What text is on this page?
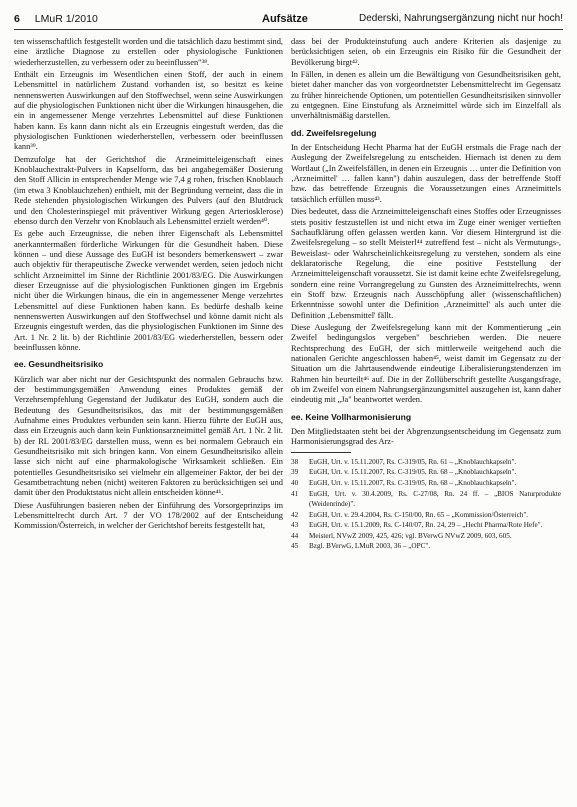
6 LMuR 1/2010	Aufsätze	Dederski, Nahrungsergänzung nicht nur hoch!

ten wissenschaftlich festgestellt worden und die tatsächlich dazu bestimmt sind, eine ärztliche Diagnose zu erstellen oder physiologische Funktionen wiederherzustellen, zu verbessern oder zu beeinflussen"³⁸.

Enthält ein Erzeugnis im Wesentlichen einen Stoff, der auch in einem Lebensmittel in natürlichem Zustand vorhanden ist, so besitzt es keine nennenswerten Auswirkungen auf den Stoffwechsel, wenn seine Auswirkungen auf die physiologischen Funktionen nicht über die Wirkungen hinausgehen, die ein in angemessener Menge verzehrtes Lebensmittel auf diese Funktionen haben kann. Es kann dann nicht als ein Erzeugnis eingestuft werden, das die physiologischen Funktionen wiederherstellen, verbessern oder beeinflussen kann³⁹.

Demzufolge hat der Gerichtshof die Arzneimitteleigenschaft eines Knoblauchextrakt-Pulvers in Kapselform, das bei angabegemäßer Dosierung den Stoff Allicin in entsprechender Menge wie 7,4 g rohen, frischen Knoblauch (im etwa 3 Knoblauchzehen) enthielt, mit der Begründung verneint, dass die in Rede stehenden physiologischen Wirkungen des Pulvers (auf den Blutdruck und den Cholesterinspiegel mit präventiver Wirkung gegen Arteriosklerose) ebenso durch den Verzehr von Knoblauch als Lebensmittel erzielt werden⁴⁰.

Es gebe auch Erzeugnisse, die neben ihrer Eigenschaft als Lebensmittel anerkanntermaßen förderliche Wirkungen für die Gesundheit haben. Diese können – und diese Aussage des EuGH ist besonders bemerkenswert – zwar auch objektiv für therapeutische Zwecke verwendet werden, seien jedoch nicht schlicht Arzneimittel im Sinne der Richtlinie 2001/83/EG. Die Auswirkungen dieser Erzeugnisse auf die physiologischen Funktionen gingen im Ergebnis nicht über die Wirkungen hinaus, die ein in angemessener Menge verzehrtes Lebensmittel auf diese Funktionen haben kann. Es bedürfe deshalb keine nennenswerten Auswirkungen auf den Stoffwechsel und könne damit nicht als Erzeugnis eingestuft werden, das die physiologischen Funktionen im Sinne des Art. 1 Nr. 2 lit. b) der Richtlinie 2001/83/EG wiederherstellen, bessern oder beeinflussen könne.

ee. Gesundheitsrisiko

Kürzlich war aber nicht nur der Gesichtspunkt des normalen Gebrauchs bzw. der bestimmungsgemäßen Anwendung eines Produktes gemäß der Verzehrsempfehlung Gegenstand der Judikatur des EuGH, sondern auch die Bedeutung des Gesundheitsrisikos, das mit der bestimmungsgemäßen Aufnahme eines Produktes verbunden sein kann. Hierzu führte der EuGH aus, dass ein Erzeugnis auch dann kein Funktionsarzneimittel gemäß Art. 1 Nr. 2 lit. b) der RL 2001/83/EG darstellen muss, wenn es bei normalem Gebrauch ein Gesundheitsrisiko mit sich bringen kann. Von einem Gesundheitsrisiko allein lasse sich nicht auf eine pharmakologische Wirksamkeit schließen. Ein potentielles Gesundheitsrisiko sei vielmehr ein allgemeiner Faktor, der bei der Gesamtbetrachtung neben (nicht) weiteren Faktoren zu berücksichtigen sei und damit über den Produktstatus nicht allein entscheiden könne⁴¹.

Diese Ausführungen basieren neben der Einführung des Vorsorgeprinzips im Lebensmittelrecht durch Art. 7 der VO 178/2002 auf der Entscheidung Kommission/Österreich, in welcher der Gerichtshof bereits festgestellt hat,

dass bei der Produkteinstufung auch andere Kriterien als dasjenige zu berücksichtigen seien, ob ein Erzeugnis ein Risiko für die Gesundheit der Bevölkerung birgt⁴².

In Fällen, in denen es allein um die Bewältigung von Gesundheitsrisiken geht, bietet daher mancher das von vorgeordnetster Lebensmittelrecht im Gegensatz zu früher hinreichende Optionen, um potentiellen Gesundheitsrisiken sinnvoller zu entgegnen. Eine Einstufung als Arzneimittel würde sich im Einzelfall als unverhältnismäßig darstellen.

dd. Zweifelsregelung

In der Entscheidung Hecht Pharma hat der EuGH erstmals die Frage nach der Auslegung der Zweifelsregelung zu entscheiden. Hiernach ist denen zu dem Wortlaut („In Zweifelsfällen, in denen ein Erzeugnis … unter die Definition von ‚Arzneimittel' … fallen kann") dahin auszulegen, dass der betreffende Stoff bzw. das betreffende Erzeugnis die Voraussetzungen eines Arzneimittels tatsächlich erfüllen muss⁴³.

Dies bedeutet, dass die Arzneimitteleigenschaft eines Stoffes oder Erzeugnisses stets positiv festzustellen ist und nicht etwa im Zuge einer weniger vertieften Sachaufklärung offen gelassen werden kann. Vor diesem Hintergrund ist die Zweifelsregelung – so stellt Meisterl⁴⁴ zutreffend fest – nicht als Vermutungs-, Beweislast- oder Wahrscheinlichkeitsregelung zu verstehen, sondern als eine deklaratorische Regelung, die eine positive Feststellung der Arzneimitteleigenschaft voraussetzt. Sie ist damit keine echte Zweifelsregelung, sondern eine reine Vorrangregelung zu Gunsten des Arzneimittelrechts, wenn ein Stoff bzw. Erzeugnis nach Ausschöpfung aller (wissenschaftlichen) Erkenntnisse sowohl unter die Definition ‚Arzneimittel' als auch unter die Definition ‚Lebensmittel' fällt.

Diese Auslegung der Zweifelsregelung kann mit der Kommentierung „ein Zweifel bedingungslos vergeben" beschrieben werden. Die neuere Rechtsprechung des EuGH, der sich mittlerweile weitgehend auch die nationalen Gerichte angeschlossen haben⁴⁵, weist damit im Gegensatz zu der Situation um die Jahrtausendwende eindeutige Liberalisierungstendenzen im Rahmen hin beurteilt⁴⁶ auf. Die in der Zollüberschrift gestellte Ausgangsfrage, ob im Zweifel von einem Nahrungsergänzungsmittel auszugehen ist, kann daher eindeutig mit „Ja" beantwortet werden.

ee. Keine Vollharmonisierung

Den Mitgliedstaaten steht bei der Abgrenzungsentscheidung im Gegensatz zum Harmonisierungsgrad des Arz-

38	EuGH, Urt. v. 15.11.2007, Rs. C-319/05, Rn. 61 – „Knoblauchkapseln".
39	EuGH, Urt. v. 15.11.2007, Rs. C-319/05, Rn. 68 – „Knoblauchkapseln".
40	EuGH, Urt. v. 15.11.2007, Rs. C-319/05, Rn. 68 – „Knoblauchkapseln".
41	EuGH, Urt. v. 30.4.2009, Rs. C-27/08, Rn. 24 ff. – „BIOS Naturprodukte (Weidenrinde)".
42	EuGH, Urt. v. 29.4.2004, Rs. C-150/00, Rn. 65 – „Kommission/Österreich".
43	EuGH, Urt. v. 15.1.2009, Rs. C-140/07, Rn. 24, 29 – „Hecht Pharma/Rote Hefe".
44	Meisterl, NVwZ 2009, 425, 426; vgl. BVerwG NVwZ 2009, 603, 605.
45	Bzgl. BVerwG, LMuR 2003, 36 – „OPC".
